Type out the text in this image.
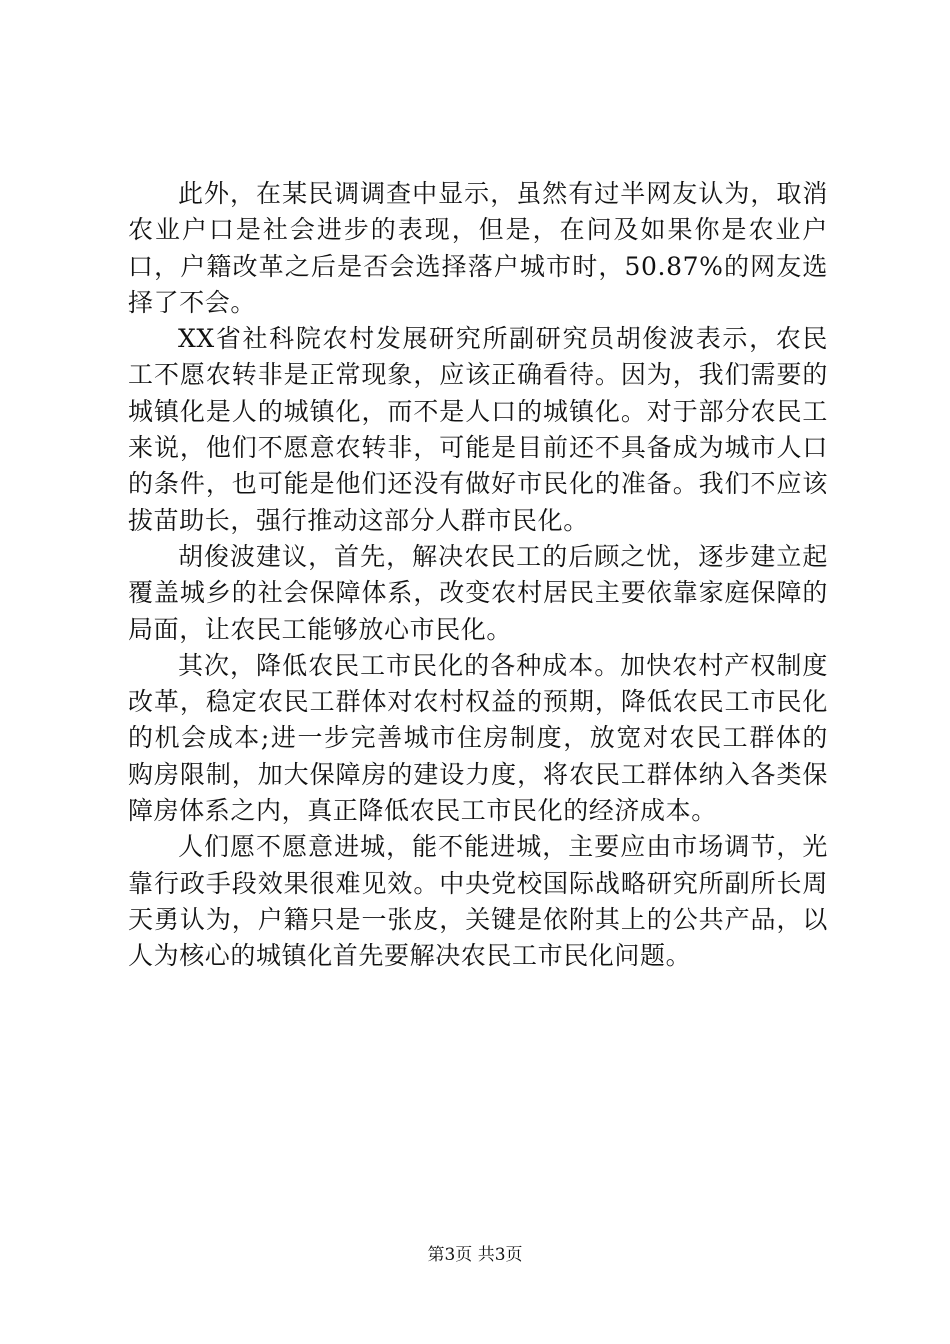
此外，在某民调调查中显示，虽然有过半网友认为，取消农业户口是社会进步的表现，但是，在问及如果你是农业户口，户籍改革之后是否会选择落户城市时，50.87%的网友选择了不会。

XX省社科院农村发展研究所副研究员胡俊波表示，农民工不愿农转非是正常现象，应该正确看待。因为，我们需要的城镇化是人的城镇化，而不是人口的城镇化。对于部分农民工来说，他们不愿意农转非，可能是目前还不具备成为城市人口的条件，也可能是他们还没有做好市民化的准备。我们不应该拔苗助长，强行推动这部分人群市民化。

胡俊波建议，首先，解决农民工的后顾之忧，逐步建立起覆盖城乡的社会保障体系，改变农村居民主要依靠家庭保障的局面，让农民工能够放心市民化。

其次，降低农民工市民化的各种成本。加快农村产权制度改革，稳定农民工群体对农村权益的预期，降低农民工市民化的机会成本;进一步完善城市住房制度，放宽对农民工群体的购房限制，加大保障房的建设力度，将农民工群体纳入各类保障房体系之内，真正降低农民工市民化的经济成本。

人们愿不愿意进城，能不能进城，主要应由市场调节，光靠行政手段效果很难见效。中央党校国际战略研究所副所长周天勇认为，户籍只是一张皮，关键是依附其上的公共产品，以人为核心的城镇化首先要解决农民工市民化问题。

第3页 共3页
